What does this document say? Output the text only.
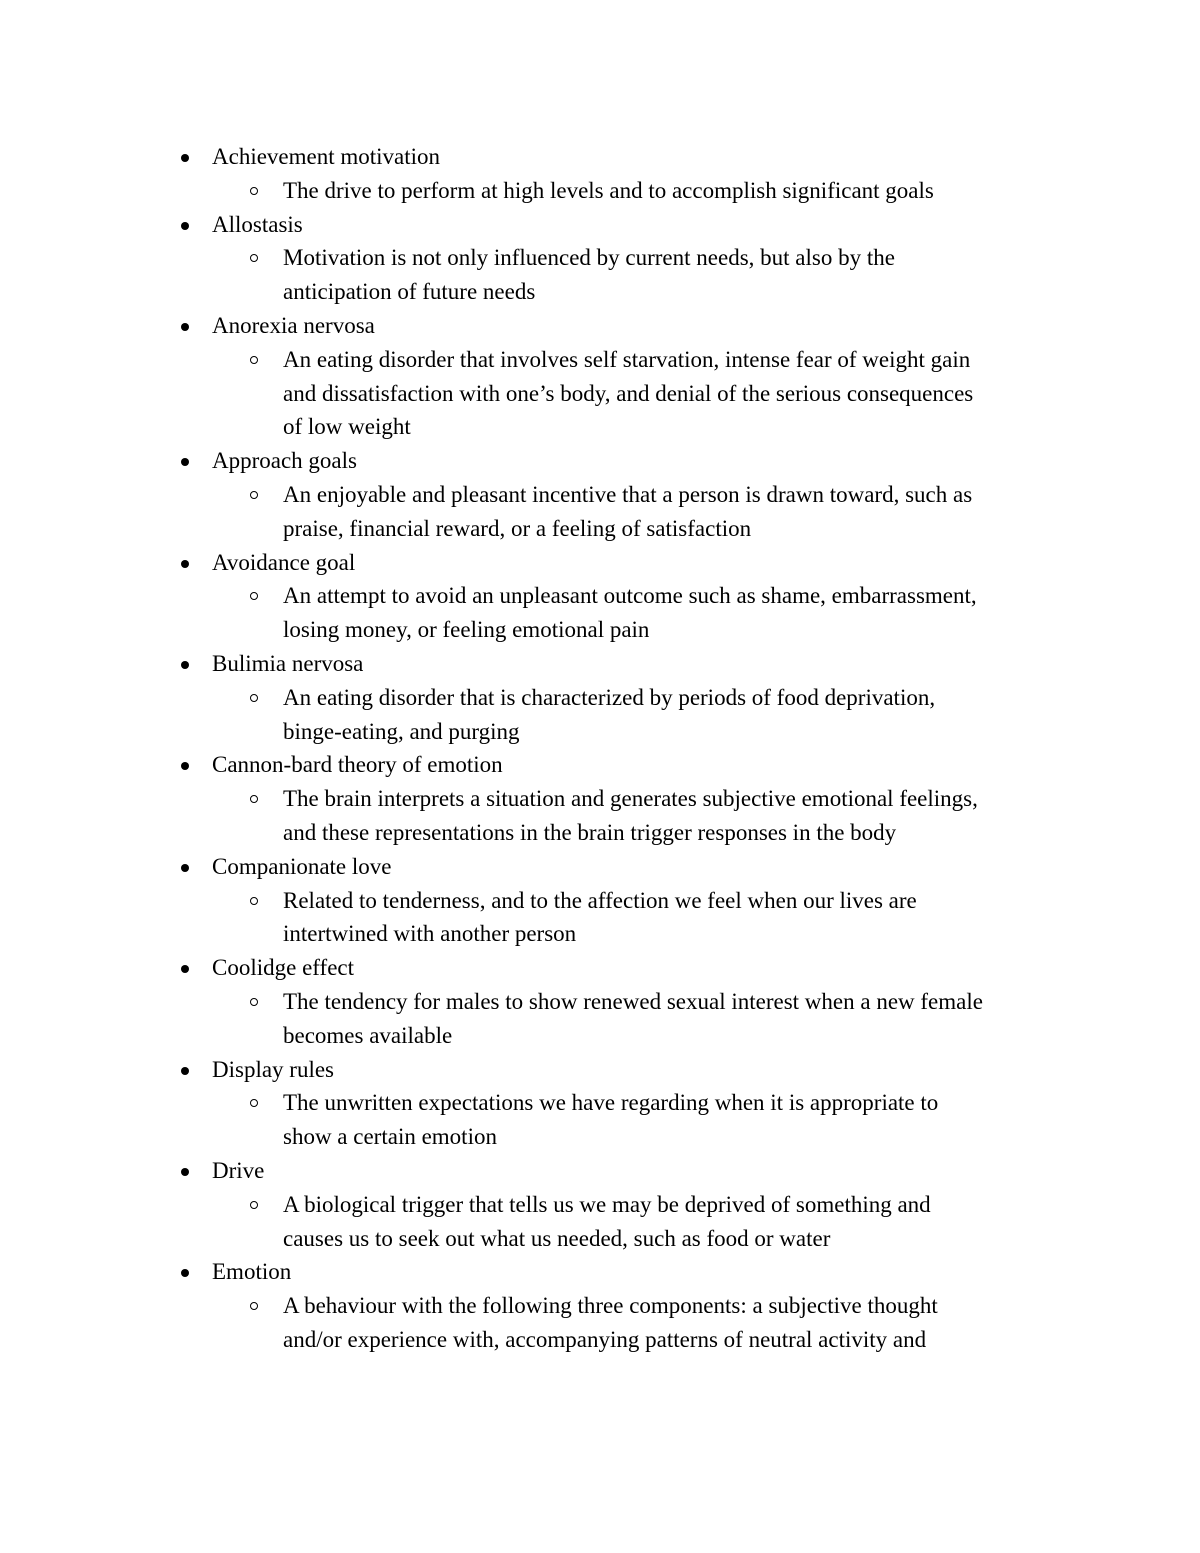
Achievement motivation
The drive to perform at high levels and to accomplish significant goals
Allostasis
Motivation is not only influenced by current needs, but also by the
anticipation of future needs
Anorexia nervosa
An eating disorder that involves self starvation, intense fear of weight gain
and dissatisfaction with one’s body, and denial of the serious consequences
of low weight
Approach goals
An enjoyable and pleasant incentive that a person is drawn toward, such as
praise, financial reward, or a feeling of satisfaction
Avoidance goal
An attempt to avoid an unpleasant outcome such as shame, embarrassment,
losing money, or feeling emotional pain
Bulimia nervosa
An eating disorder that is characterized by periods of food deprivation,
binge-eating, and purging
Cannon-bard theory of emotion
The brain interprets a situation and generates subjective emotional feelings,
and these representations in the brain trigger responses in the body
Companionate love
Related to tenderness, and to the affection we feel when our lives are
intertwined with another person
Coolidge effect
The tendency for males to show renewed sexual interest when a new female
becomes available
Display rules
The unwritten expectations we have regarding when it is appropriate to
show a certain emotion
Drive
A biological trigger that tells us we may be deprived of something and
causes us to seek out what us needed, such as food or water
Emotion
A behaviour with the following three components: a subjective thought
and/or experience with, accompanying patterns of neutral activity and
